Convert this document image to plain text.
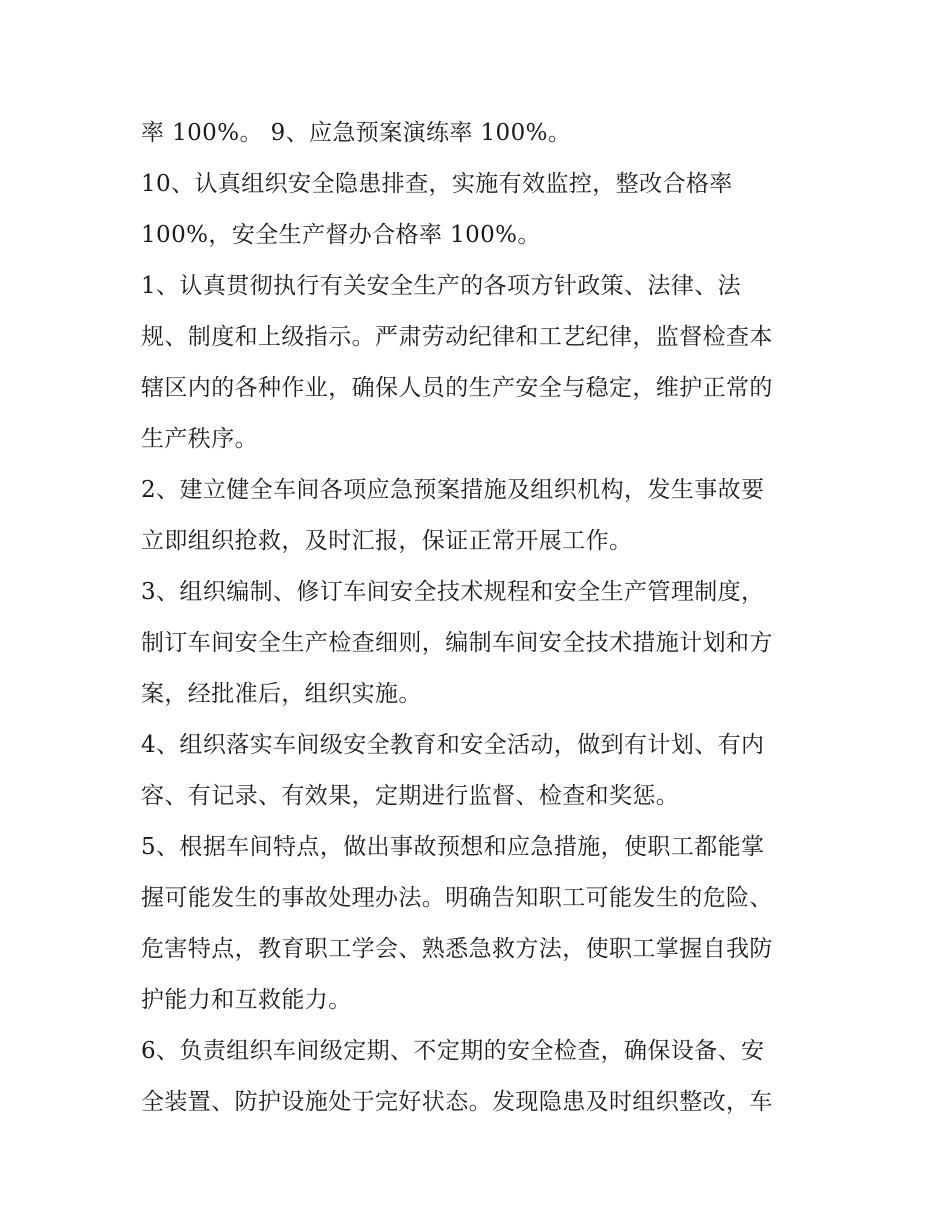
率 100%。 9、应急预案演练率 100%。
10、认真组织安全隐患排查，实施有效监控，整改合格率
100%，安全生产督办合格率 100%。
1、认真贯彻执行有关安全生产的各项方针政策、法律、法
规、制度和上级指示。严肃劳动纪律和工艺纪律，监督检查本
辖区内的各种作业，确保人员的生产安全与稳定，维护正常的
生产秩序。
2、建立健全车间各项应急预案措施及组织机构，发生事故要
立即组织抢救，及时汇报，保证正常开展工作。
3、组织编制、修订车间安全技术规程和安全生产管理制度，
制订车间安全生产检查细则，编制车间安全技术措施计划和方
案，经批准后，组织实施。
4、组织落实车间级安全教育和安全活动，做到有计划、有内
容、有记录、有效果，定期进行监督、检查和奖惩。
5、根据车间特点，做出事故预想和应急措施，使职工都能掌
握可能发生的事故处理办法。明确告知职工可能发生的危险、
危害特点，教育职工学会、熟悉急救方法，使职工掌握自我防
护能力和互救能力。
6、负责组织车间级定期、不定期的安全检查，确保设备、安
全装置、防护设施处于完好状态。发现隐患及时组织整改，车
